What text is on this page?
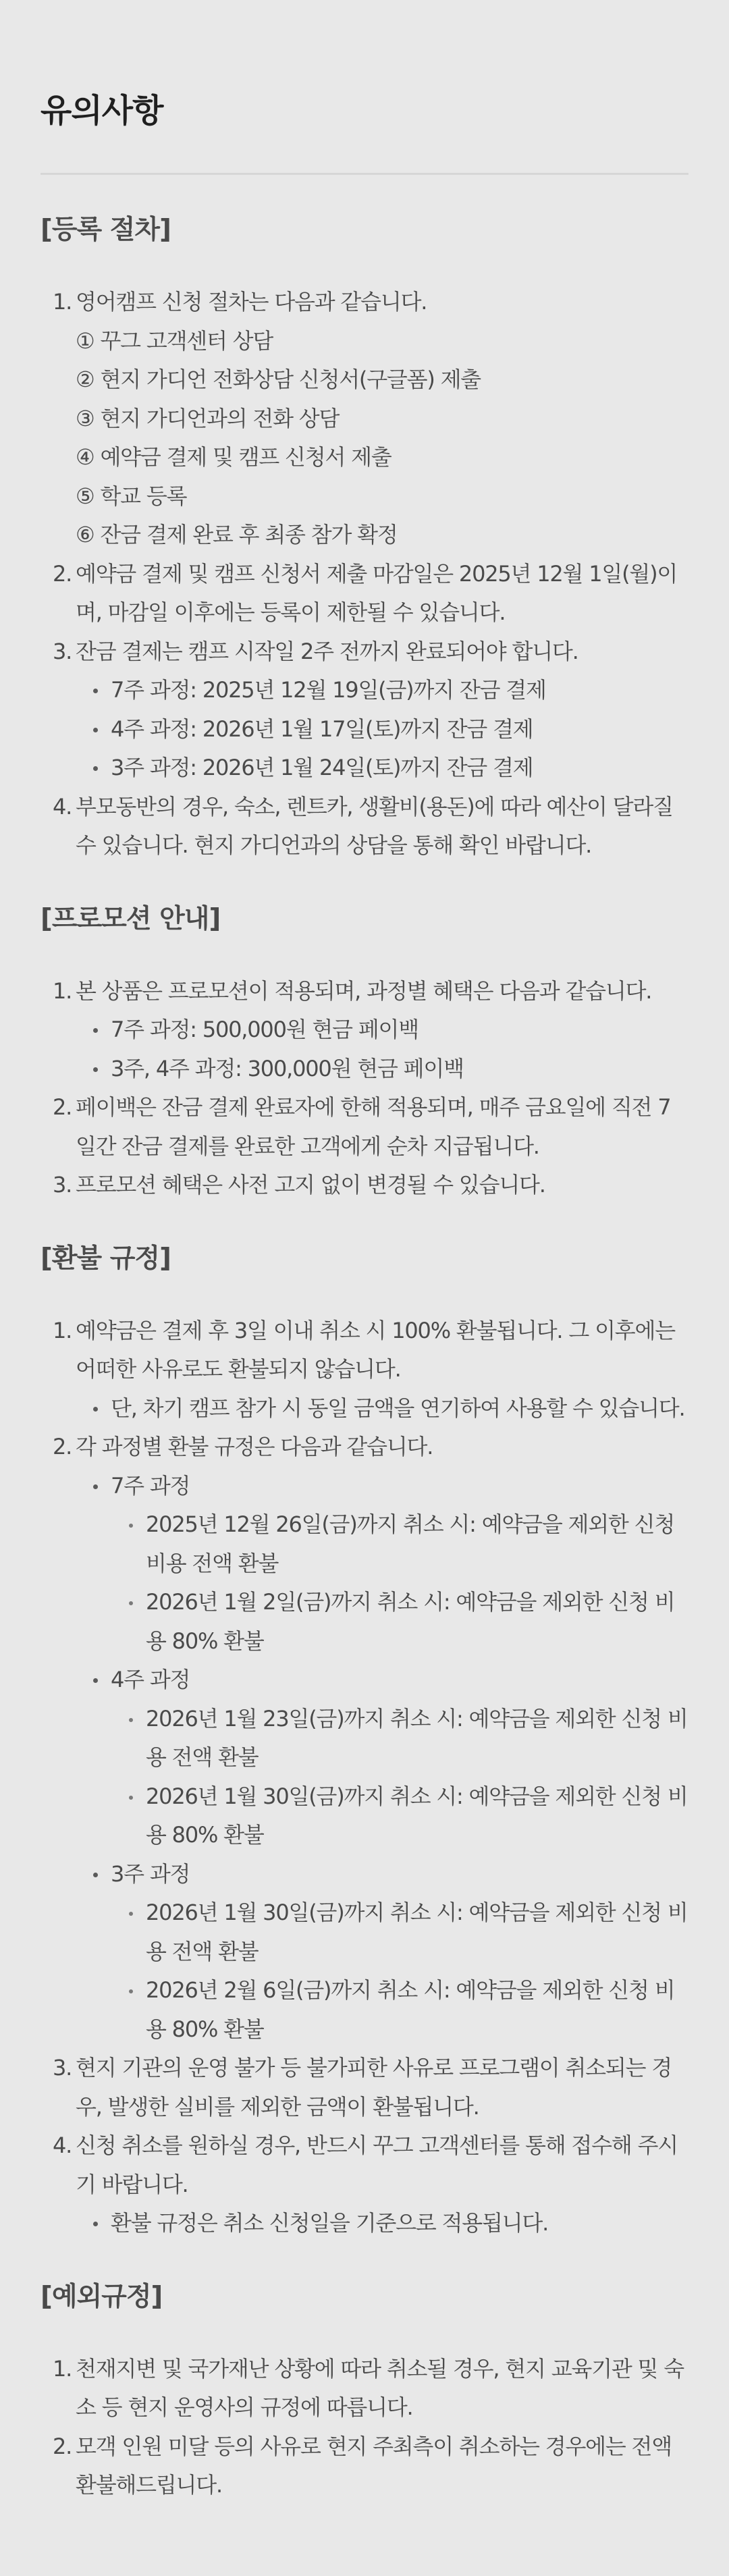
유의사항
[등록 절차]
1. 영어캠프 신청 절차는 다음과 같습니다.
① 꾸그 고객센터 상담
② 현지 가디언 전화상담 신청서(구글폼) 제출
③ 현지 가디언과의 전화 상담
④ 예약금 결제 및 캠프 신청서 제출
⑤ 학교 등록
⑥ 잔금 결제 완료 후 최종 참가 확정
2. 예약금 결제 및 캠프 신청서 제출 마감일은 2025년 12월 1일(월)이며, 마감일 이후에는 등록이 제한될 수 있습니다.
3. 잔금 결제는 캠프 시작일 2주 전까지 완료되어야 합니다.
7주 과정: 2025년 12월 19일(금)까지 잔금 결제
4주 과정: 2026년 1월 17일(토)까지 잔금 결제
3주 과정: 2026년 1월 24일(토)까지 잔금 결제
4. 부모동반의 경우, 숙소, 렌트카, 생활비(용돈)에 따라 예산이 달라질 수 있습니다. 현지 가디언과의 상담을 통해 확인 바랍니다.
[프로모션 안내]
1. 본 상품은 프로모션이 적용되며, 과정별 혜택은 다음과 같습니다.
7주 과정: 500,000원 현금 페이백
3주, 4주 과정: 300,000원 현금 페이백
2. 페이백은 잔금 결제 완료자에 한해 적용되며, 매주 금요일에 직전 7일간 잔금 결제를 완료한 고객에게 순차 지급됩니다.
3. 프로모션 혜택은 사전 고지 없이 변경될 수 있습니다.
[환불 규정]
1. 예약금은 결제 후 3일 이내 취소 시 100% 환불됩니다. 그 이후에는 어떠한 사유로도 환불되지 않습니다.
단, 차기 캠프 참가 시 동일 금액을 연기하여 사용할 수 있습니다.
2. 각 과정별 환불 규정은 다음과 같습니다.
7주 과정
2025년 12월 26일(금)까지 취소 시: 예약금을 제외한 신청비용 전액 환불
2026년 1월 2일(금)까지 취소 시: 예약금을 제외한 신청 비용 80% 환불
4주 과정
2026년 1월 23일(금)까지 취소 시: 예약금을 제외한 신청 비용 전액 환불
2026년 1월 30일(금)까지 취소 시: 예약금을 제외한 신청 비용 80% 환불
3주 과정
2026년 1월 30일(금)까지 취소 시: 예약금을 제외한 신청 비용 전액 환불
2026년 2월 6일(금)까지 취소 시: 예약금을 제외한 신청 비용 80% 환불
3. 현지 기관의 운영 불가 등 불가피한 사유로 프로그램이 취소되는 경우, 발생한 실비를 제외한 금액이 환불됩니다.
4. 신청 취소를 원하실 경우, 반드시 꾸그 고객센터를 통해 접수해 주시기 바랍니다.
환불 규정은 취소 신청일을 기준으로 적용됩니다.
[예외규정]
1. 천재지변 및 국가재난 상황에 따라 취소될 경우, 현지 교육기관 및 숙소 등 현지 운영사의 규정에 따릅니다.
2. 모객 인원 미달 등의 사유로 현지 주최측이 취소하는 경우에는 전액 환불해드립니다.
